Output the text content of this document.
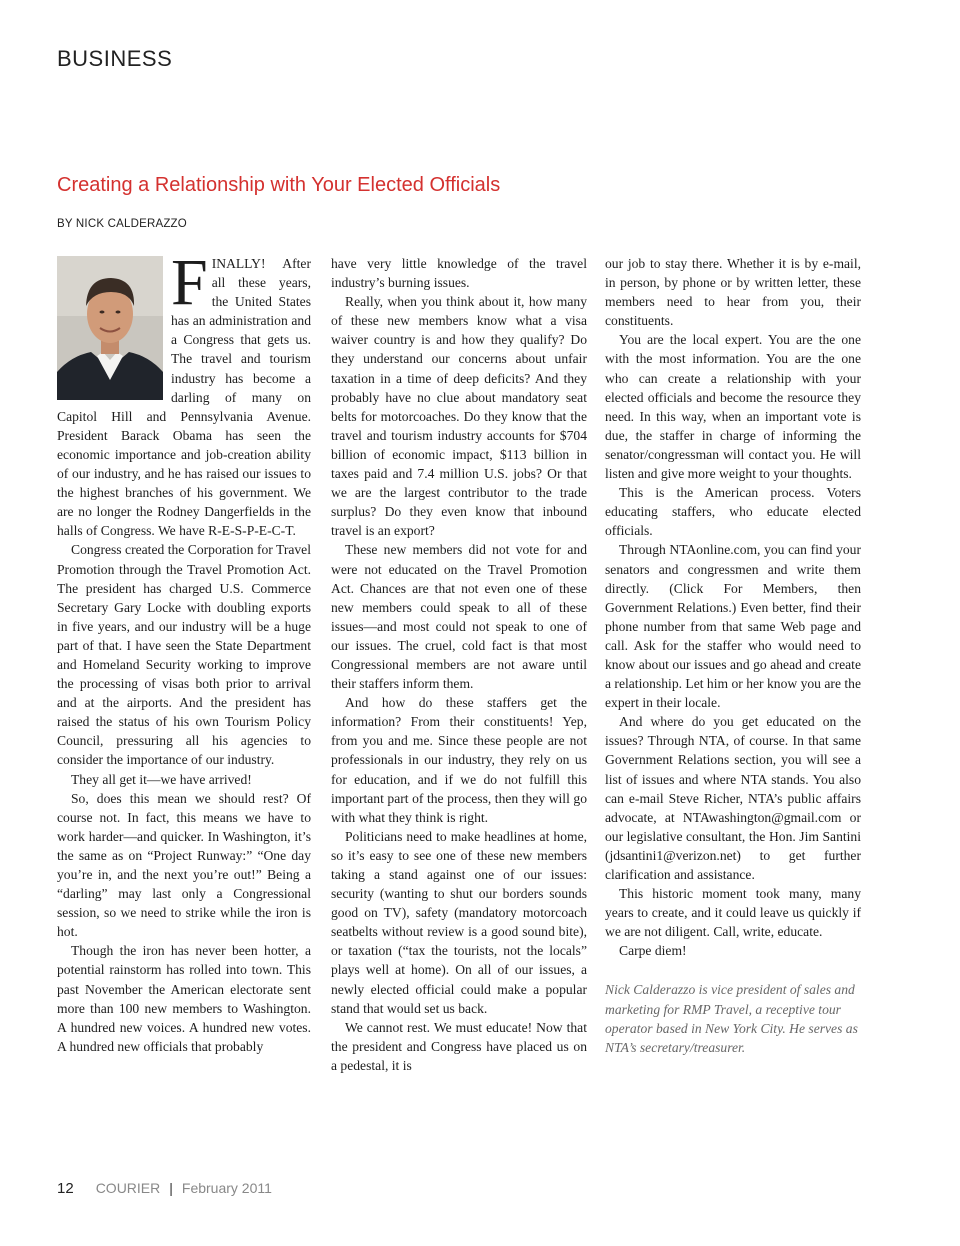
BUSINESS
Creating a Relationship with Your Elected Officials
BY NICK CALDERAZZO

FINALLY! After all these years, the United States has an administration and a Congress that gets us. The travel and tourism industry has become a darling of many on Capitol Hill and Pennsylvania Avenue. President Barack Obama has seen the economic importance and job-creation ability of our industry, and he has raised our issues to the highest branches of his government. We are no longer the Rodney Dangerfields in the halls of Congress. We have R-E-S-P-E-C-T.

Congress created the Corporation for Travel Promotion through the Travel Promotion Act. The president has charged U.S. Commerce Secretary Gary Locke with doubling exports in five years, and our industry will be a huge part of that. I have seen the State Department and Homeland Security working to improve the processing of visas both prior to arrival and at the airports. And the president has raised the status of his own Tourism Policy Council, pressuring all his agencies to consider the importance of our industry.

They all get it—we have arrived!

So, does this mean we should rest? Of course not. In fact, this means we have to work harder—and quicker. In Washington, it’s the same as on “Project Runway:” “One day you’re in, and the next you’re out!” Being a “darling” may last only a Congressional session, so we need to strike while the iron is hot.

Though the iron has never been hotter, a potential rainstorm has rolled into town. This past November the American electorate sent more than 100 new members to Washington. A hundred new voices. A hundred new votes. A hundred new officials that probably

have very little knowledge of the travel industry’s burning issues.

Really, when you think about it, how many of these new members know what a visa waiver country is and how they qualify? Do they understand our concerns about unfair taxation in a time of deep deficits? And they probably have no clue about mandatory seat belts for motorcoaches. Do they know that the travel and tourism industry accounts for $704 billion of economic impact, $113 billion in taxes paid and 7.4 million U.S. jobs? Or that we are the largest contributor to the trade surplus? Do they even know that inbound travel is an export?

These new members did not vote for and were not educated on the Travel Promotion Act. Chances are that not even one of these new members could speak to all of these issues—and most could not speak to one of our issues. The cruel, cold fact is that most Congressional members are not aware until their staffers inform them.

And how do these staffers get the information? From their constituents! Yep, from you and me. Since these people are not professionals in our industry, they rely on us for education, and if we do not fulfill this important part of the process, then they will go with what they think is right.

Politicians need to make headlines at home, so it’s easy to see one of these new members taking a stand against one of our issues: security (wanting to shut our borders sounds good on TV), safety (mandatory motorcoach seatbelts without review is a good sound bite), or taxation (“tax the tourists, not the locals” plays well at home). On all of our issues, a newly elected official could make a popular stand that would set us back.

We cannot rest. We must educate! Now that the president and Congress have placed us on a pedestal, it is

our job to stay there. Whether it is by e-mail, in person, by phone or by written letter, these members need to hear from you, their constituents.

You are the local expert. You are the one with the most information. You are the one who can create a relationship with your elected officials and become the resource they need. In this way, when an important vote is due, the staffer in charge of informing the senator/congressman will contact you. He will listen and give more weight to your thoughts.

This is the American process. Voters educating staffers, who educate elected officials.

Through NTAonline.com, you can find your senators and congressmen and write them directly. (Click For Members, then Government Relations.) Even better, find their phone number from that same Web page and call. Ask for the staffer who would need to know about our issues and go ahead and create a relationship. Let him or her know you are the expert in their locale.

And where do you get educated on the issues? Through NTA, of course. In that same Government Relations section, you will see a list of issues and where NTA stands. You also can e-mail Steve Richer, NTA’s public affairs advocate, at NTAwashington@gmail.com or our legislative consultant, the Hon. Jim Santini (jdsantini1@verizon.net) to get further clarification and assistance.

This historic moment took many, many years to create, and it could leave us quickly if we are not diligent. Call, write, educate.

Carpe diem!

Nick Calderazzo is vice president of sales and marketing for RMP Travel, a receptive tour operator based in New York City. He serves as NTA’s secretary/treasurer.

12 COURIER | February 2011
